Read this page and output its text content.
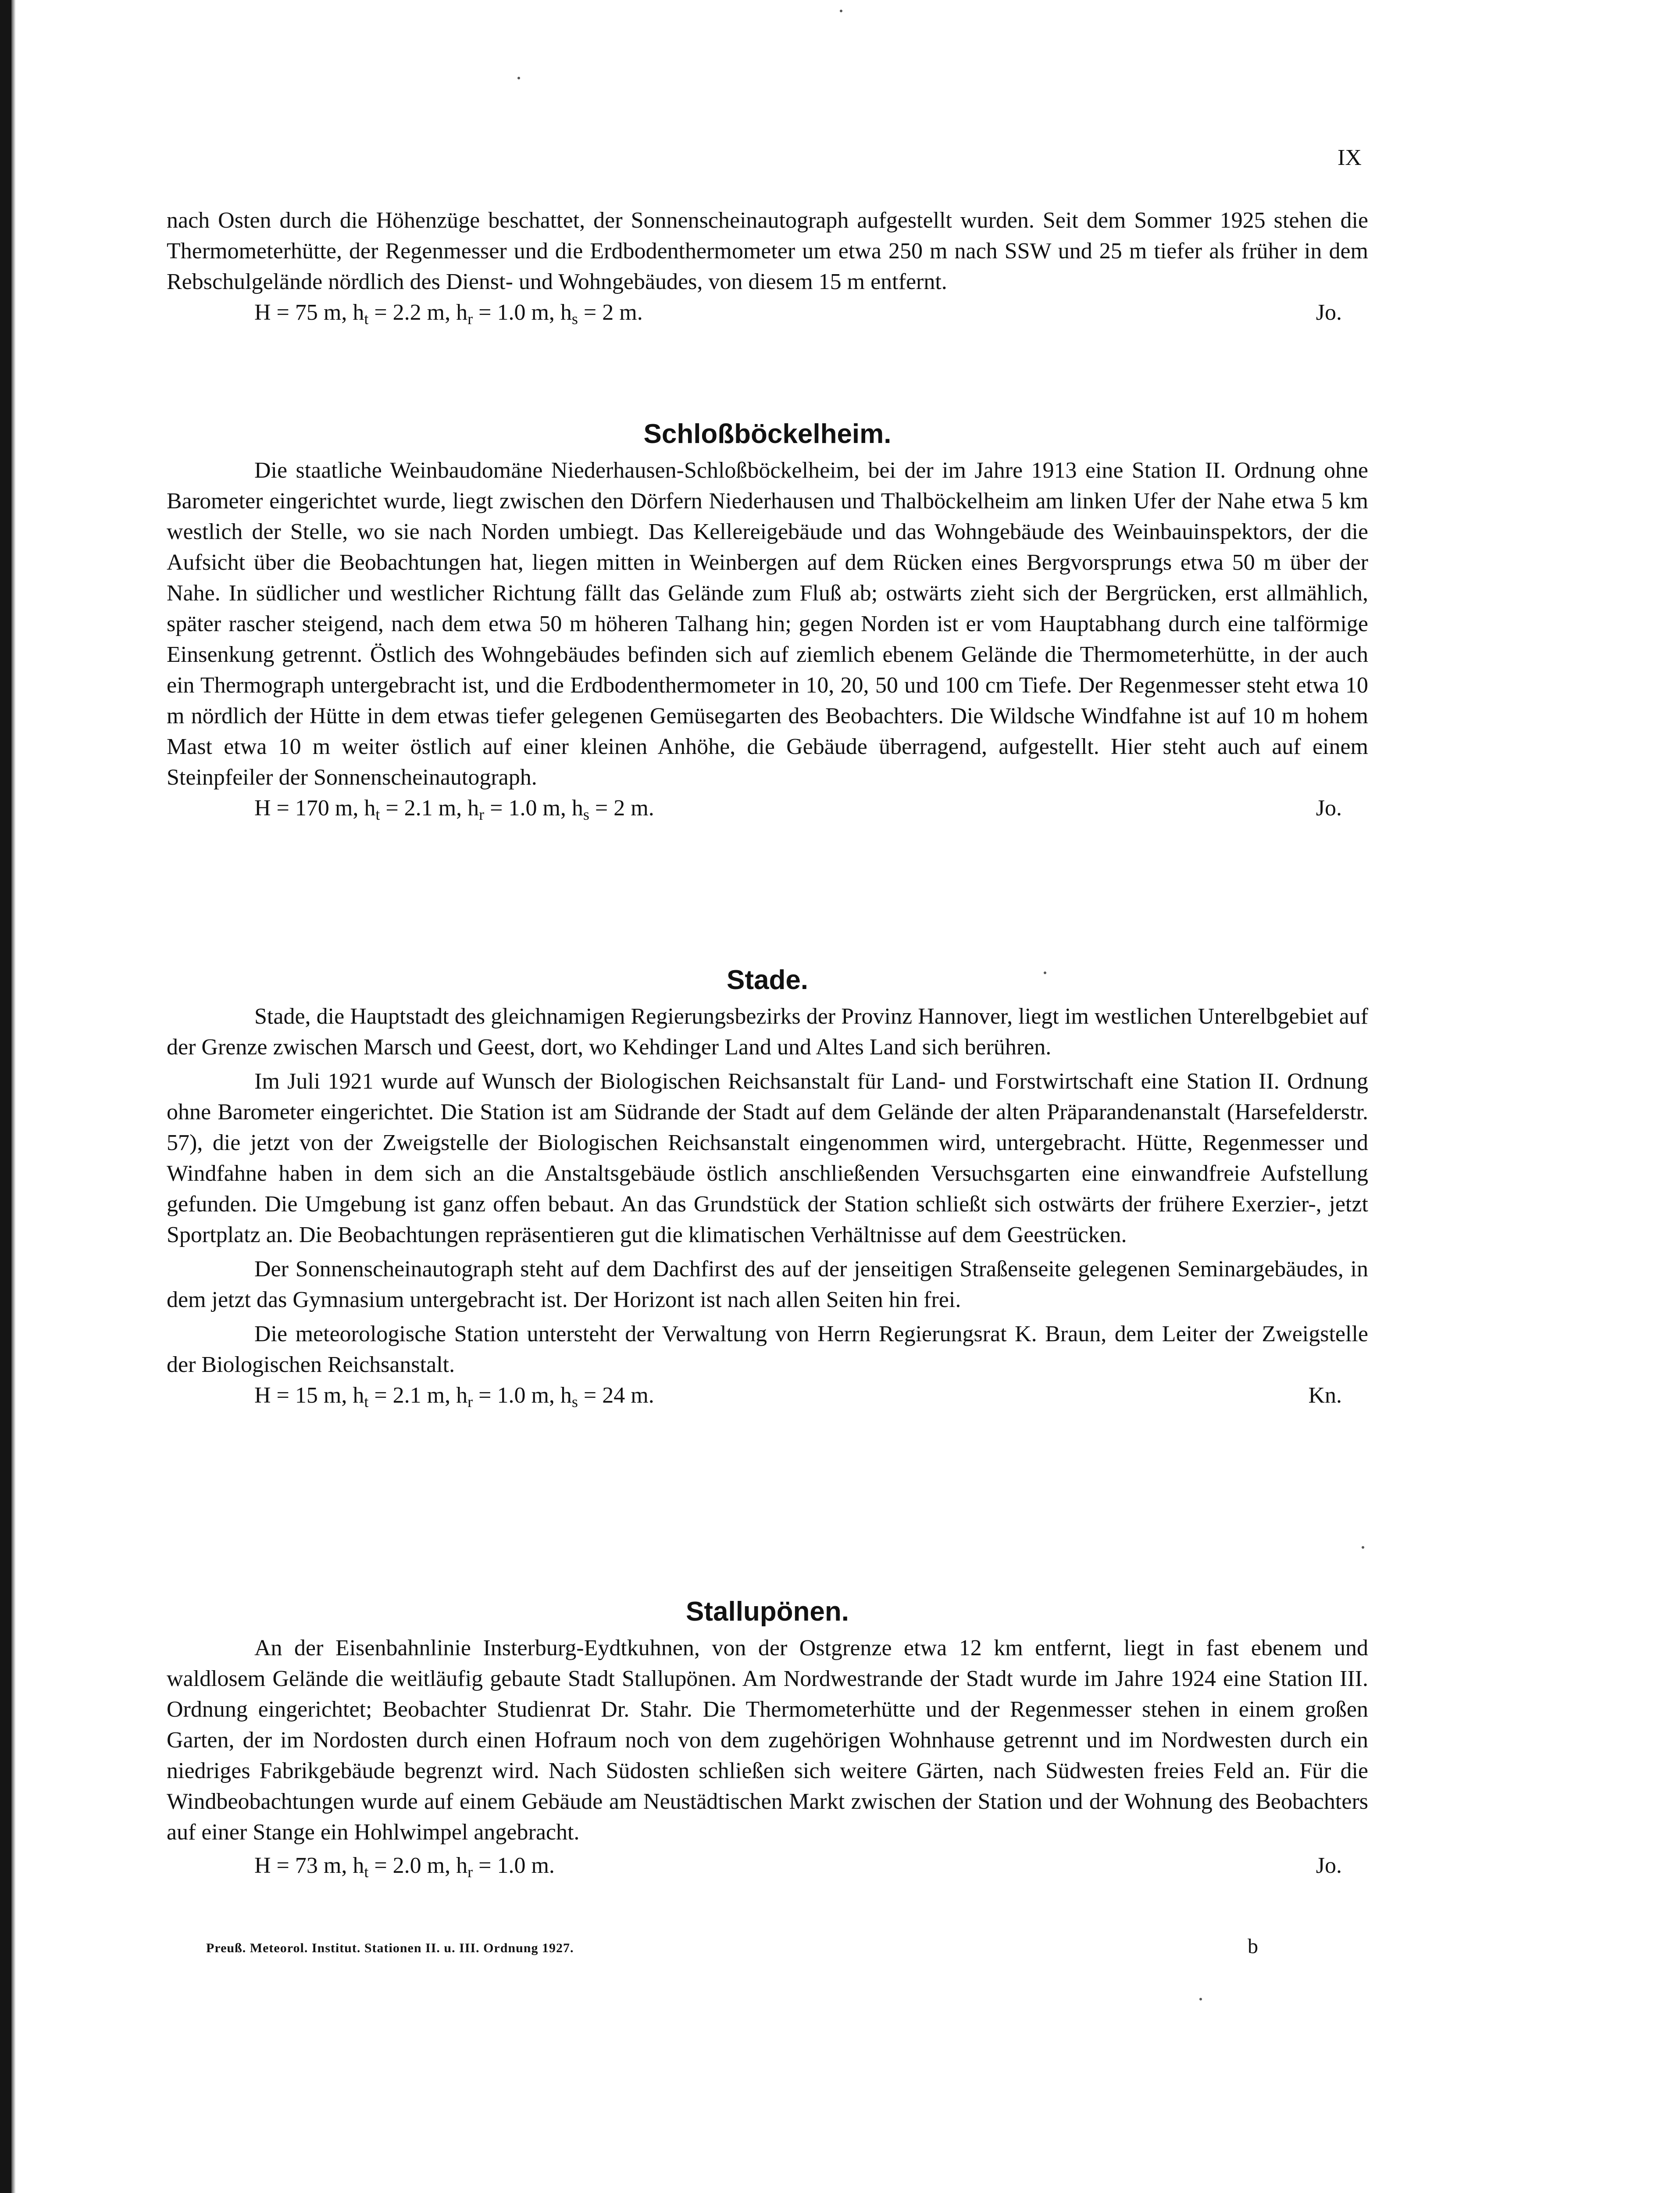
IX

nach Osten durch die Höhenzüge beschattet, der Sonnenscheinautograph aufgestellt wurden. Seit dem Sommer 1925 stehen die Thermometerhütte, der Regenmesser und die Erdbodenthermometer um etwa 250 m nach SSW und 25 m tiefer als früher in dem Rebschulgelände nördlich des Dienst- und Wohngebäudes, von diesem 15 m entfernt.

H = 75 m, $h_t = 2.2$ m, $h_r = 1.0$ m, $h_s = 2$ m.	Jo.

Schloßböckelheim.

Die staatliche Weinbaudomäne Niederhausen-Schloßböckelheim, bei der im Jahre 1913 eine Station II. Ordnung ohne Barometer eingerichtet wurde, liegt zwischen den Dörfern Niederhausen und Thalböckelheim am linken Ufer der Nahe etwa 5 km westlich der Stelle, wo sie nach Norden umbiegt. Das Kellereigebäude und das Wohngebäude des Weinbauinspektors, der die Aufsicht über die Beobachtungen hat, liegen mitten in Weinbergen auf dem Rücken eines Bergvorsprungs etwa 50 m über der Nahe. In südlicher und westlicher Richtung fällt das Gelände zum Fluß ab; ostwärts zieht sich der Bergrücken, erst allmählich, später rascher steigend, nach dem etwa 50 m höheren Talhang hin; gegen Norden ist er vom Hauptabhang durch eine talförmige Einsenkung getrennt. Östlich des Wohngebäudes befinden sich auf ziemlich ebenem Gelände die Thermometerhütte, in der auch ein Thermograph untergebracht ist, und die Erdbodenthermometer in 10, 20, 50 und 100 cm Tiefe. Der Regenmesser steht etwa 10 m nördlich der Hütte in dem etwas tiefer gelegenen Gemüsegarten des Beobachters. Die Wildsche Windfahne ist auf 10 m hohem Mast etwa 10 m weiter östlich auf einer kleinen Anhöhe, die Gebäude überragend, aufgestellt. Hier steht auch auf einem Steinpfeiler der Sonnenscheinautograph.

H = 170 m, $h_t = 2.1$ m, $h_r = 1.0$ m, $h_s = 2$ m.	Jo.

Stade.

Stade, die Hauptstadt des gleichnamigen Regierungsbezirks der Provinz Hannover, liegt im westlichen Unterelbgebiet auf der Grenze zwischen Marsch und Geest, dort, wo Kehdinger Land und Altes Land sich berühren.

Im Juli 1921 wurde auf Wunsch der Biologischen Reichsanstalt für Land- und Forstwirtschaft eine Station II. Ordnung ohne Barometer eingerichtet. Die Station ist am Südrande der Stadt auf dem Gelände der alten Präparandenanstalt (Harsefelderstr. 57), die jetzt von der Zweigstelle der Biologischen Reichsanstalt eingenommen wird, untergebracht. Hütte, Regenmesser und Windfahne haben in dem sich an die Anstaltsgebäude östlich anschließenden Versuchsgarten eine einwandfreie Aufstellung gefunden. Die Umgebung ist ganz offen bebaut. An das Grundstück der Station schließt sich ostwärts der frühere Exerzier-, jetzt Sportplatz an. Die Beobachtungen repräsentieren gut die klimatischen Verhältnisse auf dem Geestrücken.

Der Sonnenscheinautograph steht auf dem Dachfirst des auf der jenseitigen Straßenseite gelegenen Seminargebäudes, in dem jetzt das Gymnasium untergebracht ist. Der Horizont ist nach allen Seiten hin frei.

Die meteorologische Station untersteht der Verwaltung von Herrn Regierungsrat K. Braun, dem Leiter der Zweigstelle der Biologischen Reichsanstalt.

H = 15 m, $h_t = 2.1$ m, $h_r = 1.0$ m, $h_s = 24$ m.	Kn.

Stallupönen.

An der Eisenbahnlinie Insterburg-Eydtkuhnen, von der Ostgrenze etwa 12 km entfernt, liegt in fast ebenem und waldlosem Gelände die weitläufig gebaute Stadt Stallupönen. Am Nordwestrande der Stadt wurde im Jahre 1924 eine Station III. Ordnung eingerichtet; Beobachter Studienrat Dr. Stahr. Die Thermometerhütte und der Regenmesser stehen in einem großen Garten, der im Nordosten durch einen Hofraum noch von dem zugehörigen Wohnhause getrennt und im Nordwesten durch ein niedriges Fabrikgebäude begrenzt wird. Nach Südosten schließen sich weitere Gärten, nach Südwesten freies Feld an. Für die Windbeobachtungen wurde auf einem Gebäude am Neustädtischen Markt zwischen der Station und der Wohnung des Beobachters auf einer Stange ein Hohlwimpel angebracht.

H = 73 m, $h_t = 2.0$ m, $h_r = 1.0$ m.	Jo.

Preuß. Meteorol. Institut. Stationen II. u. III. Ordnung 1927.	b
